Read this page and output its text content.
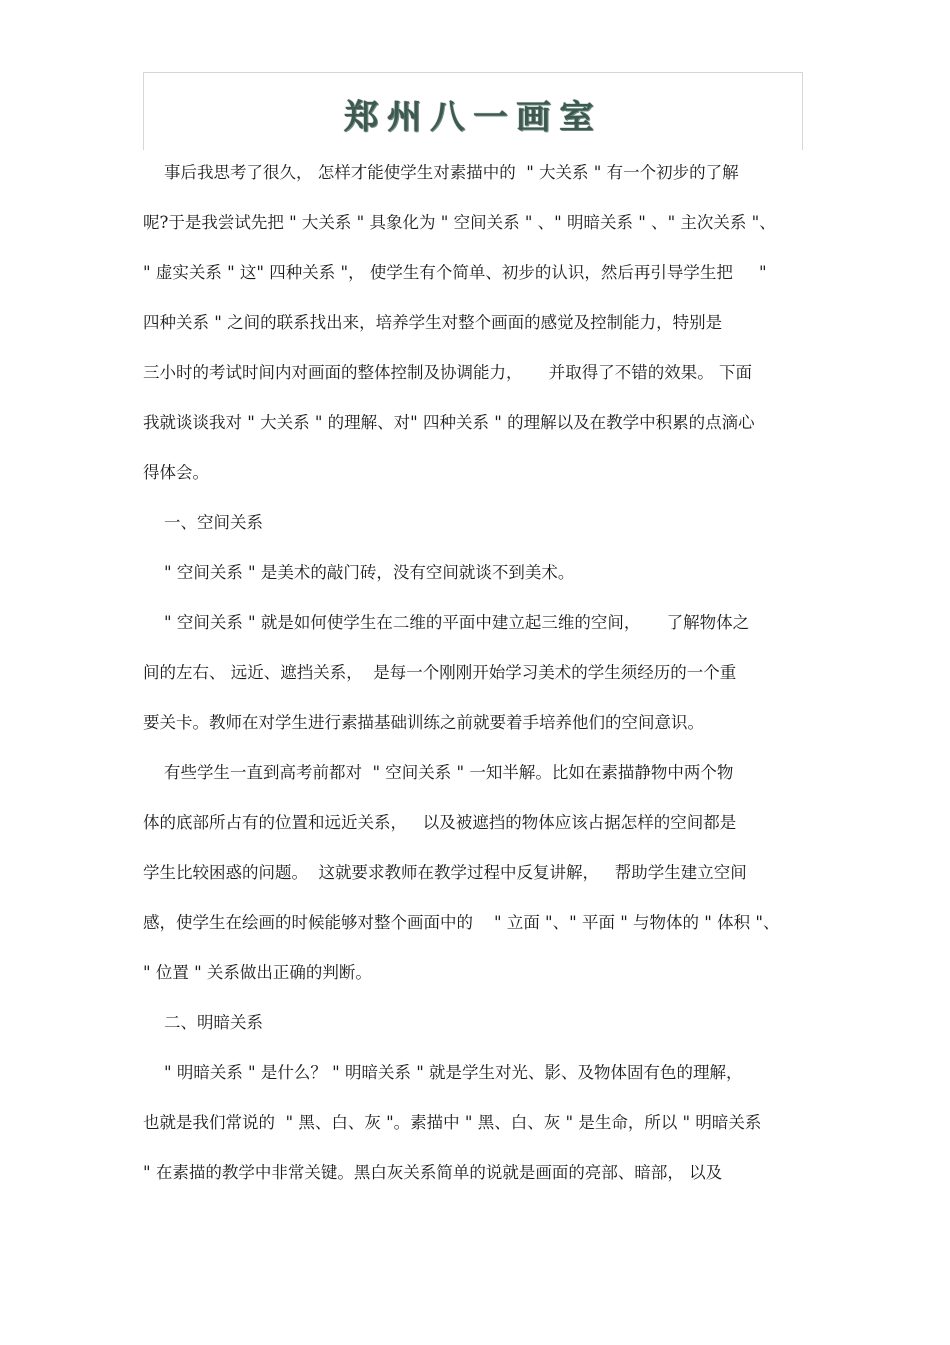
郑州八一画室
事后我思考了很久， 怎样才能使学生对素描中的  " 大关系 " 有一个初步的了解
呢?于是我尝试先把 " 大关系 " 具象化为 " 空间关系 " 、" 明暗关系 " 、" 主次关系 "、
" 虚实关系 " 这" 四种关系 "， 使学生有个简单、初步的认识，然后再引导学生把     "
四种关系 " 之间的联系找出来，培养学生对整个画面的感觉及控制能力，特别是
三小时的考试时间内对画面的整体控制及协调能力，     并取得了不错的效果。 下面
我就谈谈我对 " 大关系 " 的理解、对" 四种关系 " 的理解以及在教学中积累的点滴心
得体会。
一、空间关系
" 空间关系 " 是美术的敲门砖，没有空间就谈不到美术。
" 空间关系 " 就是如何使学生在二维的平面中建立起三维的空间，     了解物体之
间的左右、 远近、遮挡关系，  是每一个刚刚开始学习美术的学生须经历的一个重
要关卡。教师在对学生进行素描基础训练之前就要着手培养他们的空间意识。
有些学生一直到高考前都对  " 空间关系 " 一知半解。比如在素描静物中两个物
体的底部所占有的位置和远近关系，   以及被遮挡的物体应该占据怎样的空间都是
学生比较困惑的问题。  这就要求教师在教学过程中反复讲解，   帮助学生建立空间
感，使学生在绘画的时候能够对整个画面中的    " 立面 "、" 平面 " 与物体的 " 体积 "、
" 位置 " 关系做出正确的判断。
二、明暗关系
" 明暗关系 " 是什么？ " 明暗关系 " 就是学生对光、影、及物体固有色的理解，
也就是我们常说的  " 黑、白、灰 "。素描中 " 黑、白、灰 " 是生命，所以 " 明暗关系
" 在素描的教学中非常关键。黑白灰关系简单的说就是画面的亮部、暗部， 以及
